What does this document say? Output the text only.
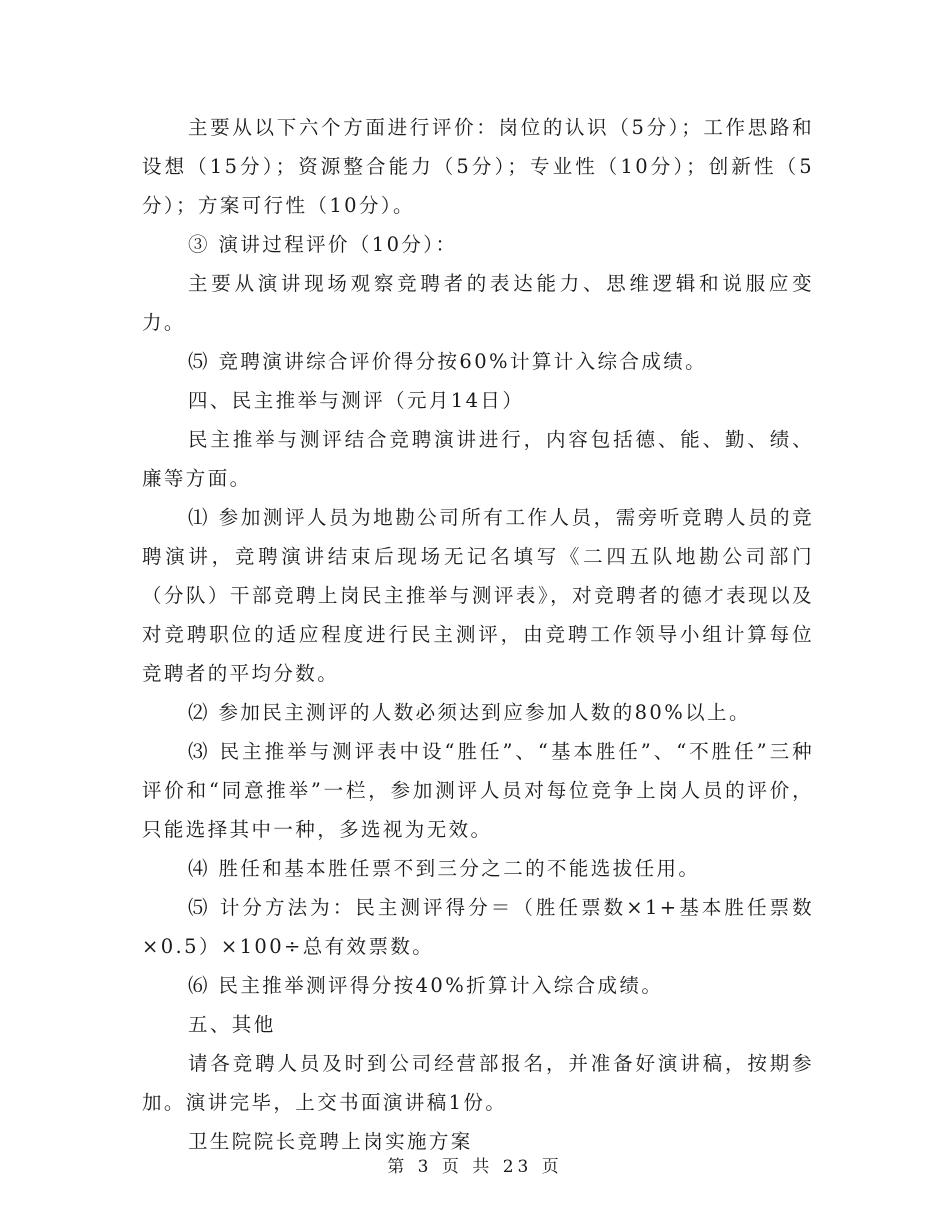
主要从以下六个方面进行评价：岗位的认识（5分）；工作思路和设想（15分）；资源整合能力（5分）；专业性（10分）；创新性（5分）；方案可行性（10分）。

③ 演讲过程评价（10分）：

主要从演讲现场观察竞聘者的表达能力、思维逻辑和说服应变力。

⑸ 竞聘演讲综合评价得分按60%计算计入综合成绩。

四、民主推举与测评（元月14日）

民主推举与测评结合竞聘演讲进行，内容包括德、能、勤、绩、廉等方面。

⑴ 参加测评人员为地勘公司所有工作人员，需旁听竞聘人员的竞聘演讲，竞聘演讲结束后现场无记名填写《二四五队地勘公司部门（分队）干部竞聘上岗民主推举与测评表》，对竞聘者的德才表现以及对竞聘职位的适应程度进行民主测评，由竞聘工作领导小组计算每位竞聘者的平均分数。

⑵ 参加民主测评的人数必须达到应参加人数的80%以上。

⑶ 民主推举与测评表中设“胜任”、“基本胜任”、“不胜任”三种评价和“同意推举”一栏，参加测评人员对每位竞争上岗人员的评价，只能选择其中一种，多选视为无效。

⑷ 胜任和基本胜任票不到三分之二的不能选拔任用。

⑸ 计分方法为：民主测评得分＝（胜任票数×1+基本胜任票数×0.5）×100÷总有效票数。

⑹ 民主推举测评得分按40%折算计入综合成绩。

五、其他

请各竞聘人员及时到公司经营部报名，并准备好演讲稿，按期参加。演讲完毕，上交书面演讲稿1份。

卫生院院长竞聘上岗实施方案

第 3 页 共 23 页
